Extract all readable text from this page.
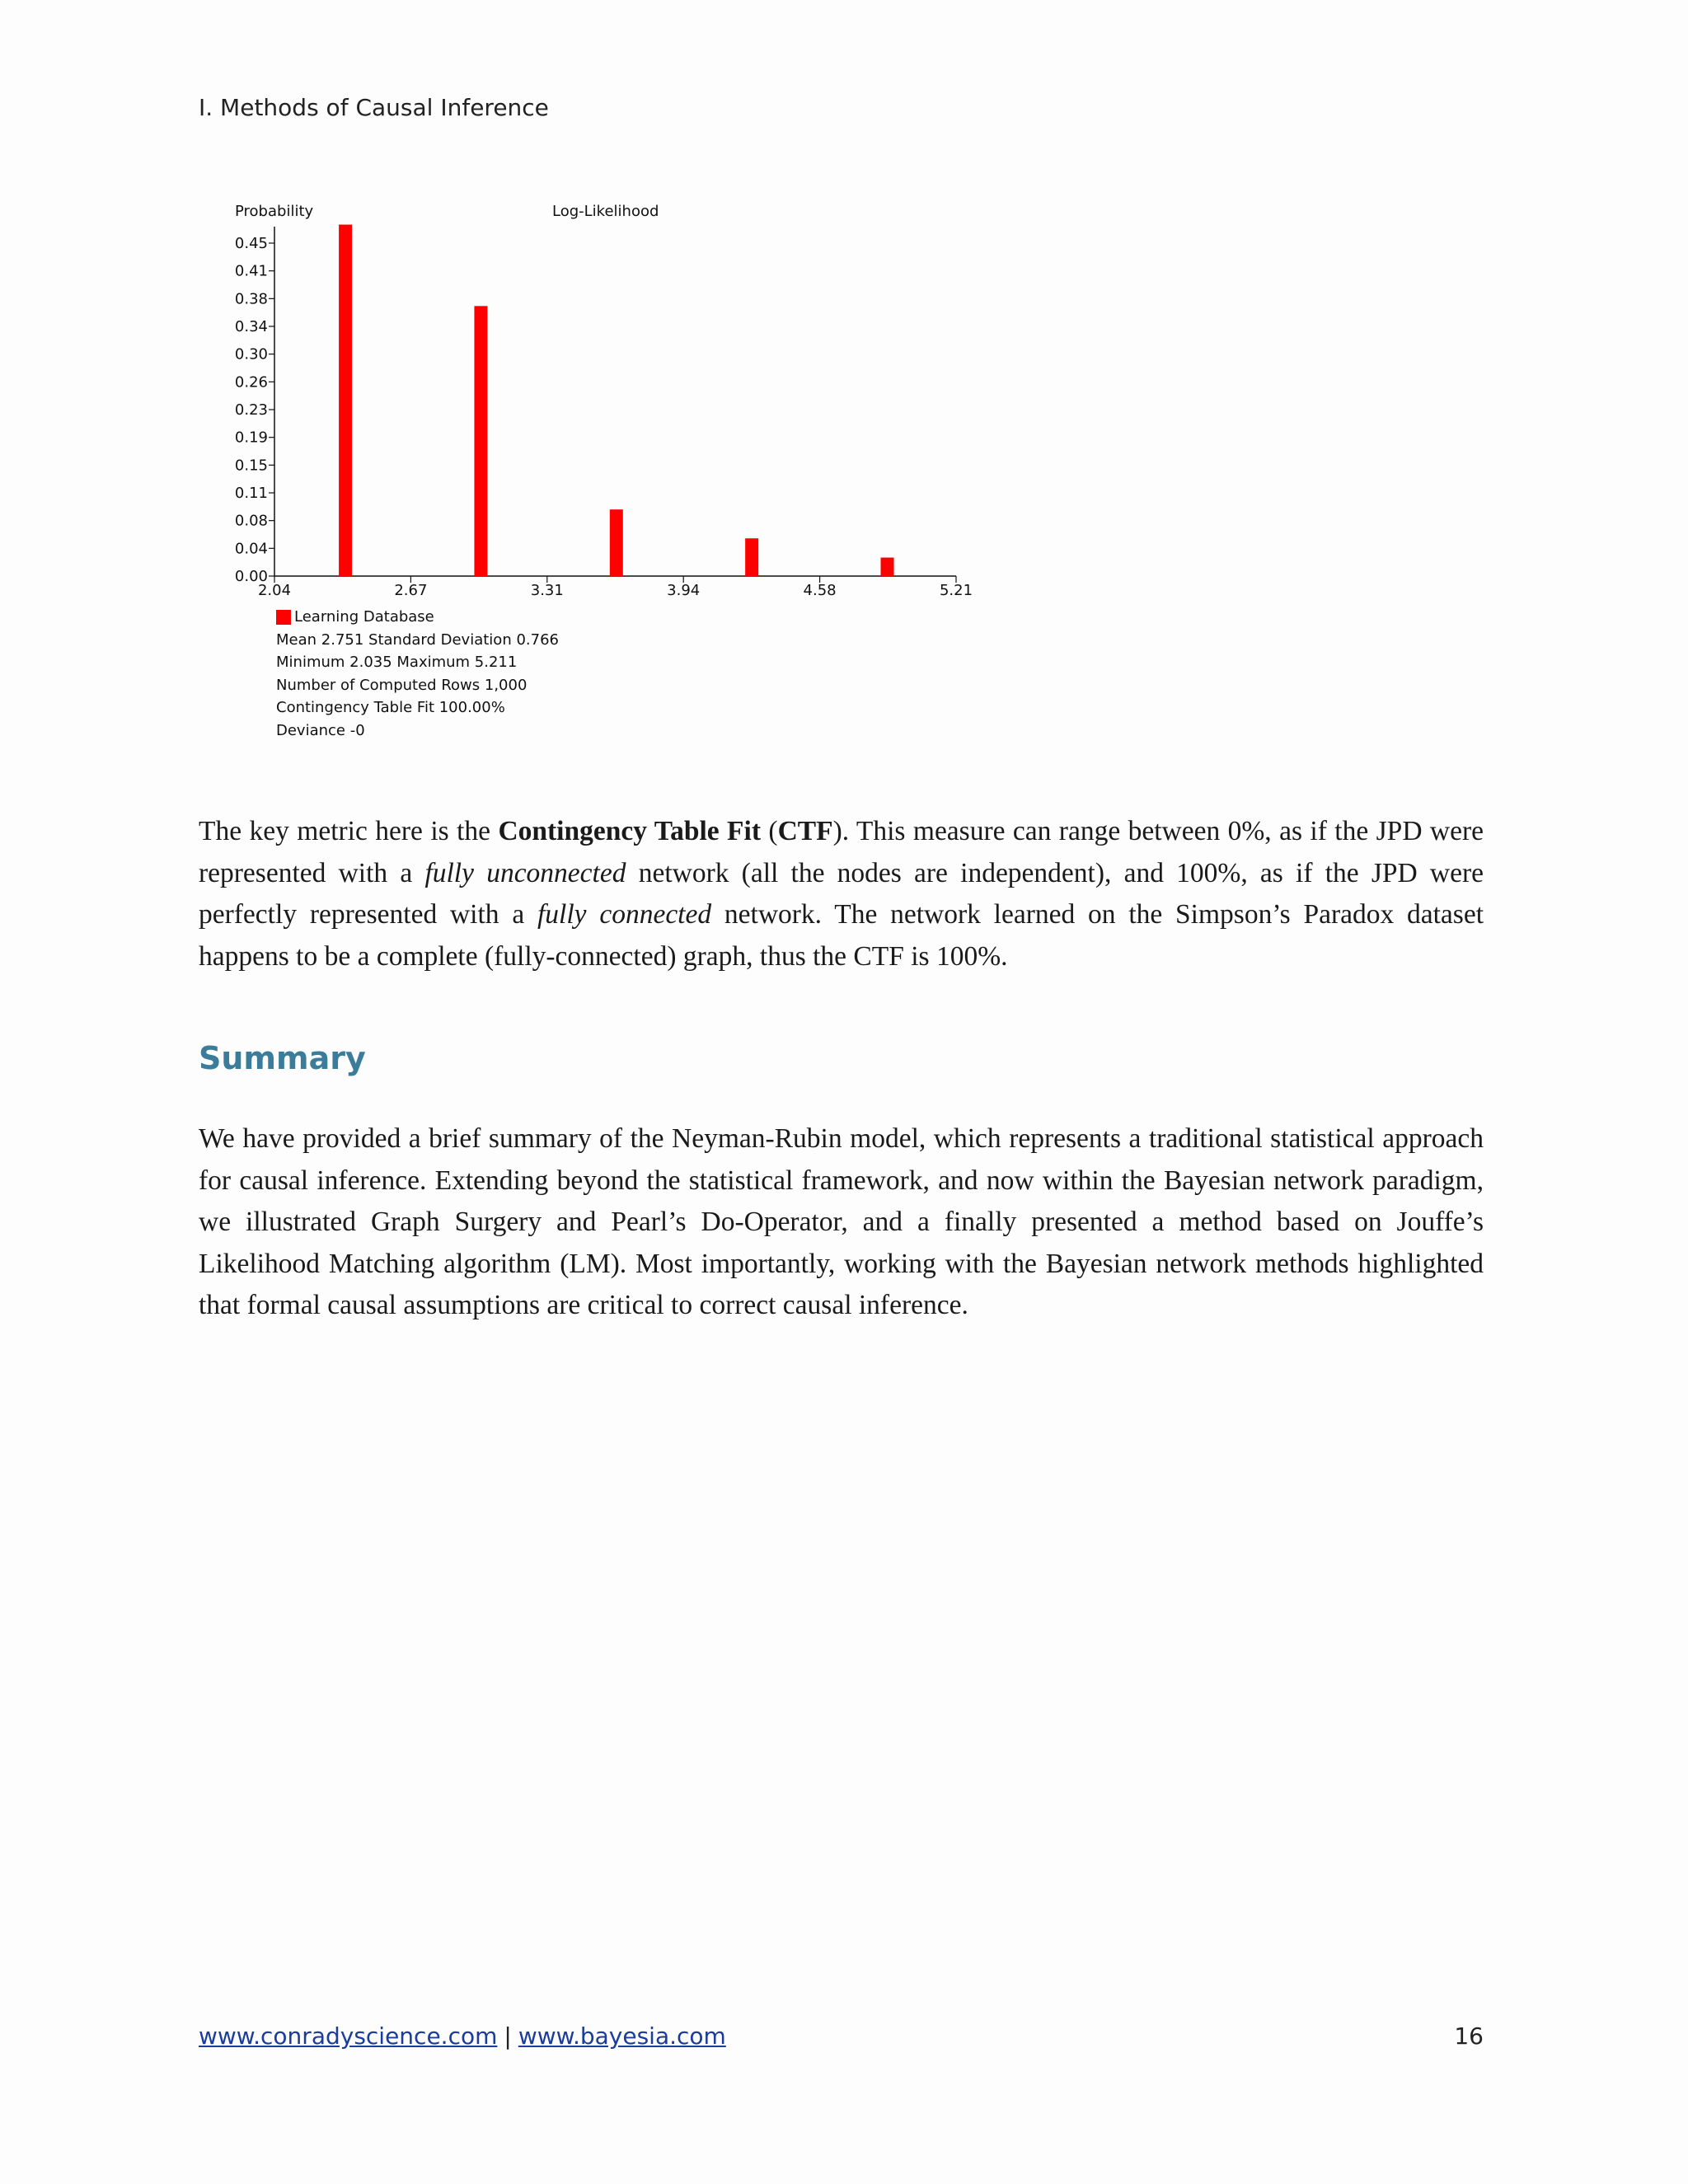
I. Methods of Causal Inference
Probability	Log-Likelihood
0.00
0.04
0.08
0.11
0.15
0.19
0.23
0.26
0.30
0.34
0.38
0.41
0.45
2.04	2.67	3.31	3.94	4.58	5.21
Learning Database
Mean 2.751 Standard Deviation 0.766
Minimum 2.035 Maximum 5.211
Number of Computed Rows 1,000
Contingency Table Fit 100.00%
Deviance -0

The key metric here is the Contingency Table Fit (CTF). This measure can range between 0%, as if the JPD were represented with a fully unconnected network (all the nodes are independent), and 100%, as if the JPD were perfectly represented with a fully connected network. The network learned on the Simpson’s Paradox dataset happens to be a complete (fully-connected) graph, thus the CTF is 100%.

Summary

We have provided a brief summary of the Neyman-Rubin model, which represents a traditional statistical approach for causal inference. Extending beyond the statistical framework, and now within the Bayesian network paradigm, we illustrated Graph Surgery and Pearl’s Do-Operator, and a finally presented a method based on Jouffe’s Likelihood Matching algorithm (LM). Most importantly, working with the Bayesian network methods highlighted that formal causal assumptions are critical to correct causal inference.

www.conradyscience.com | www.bayesia.com	16
